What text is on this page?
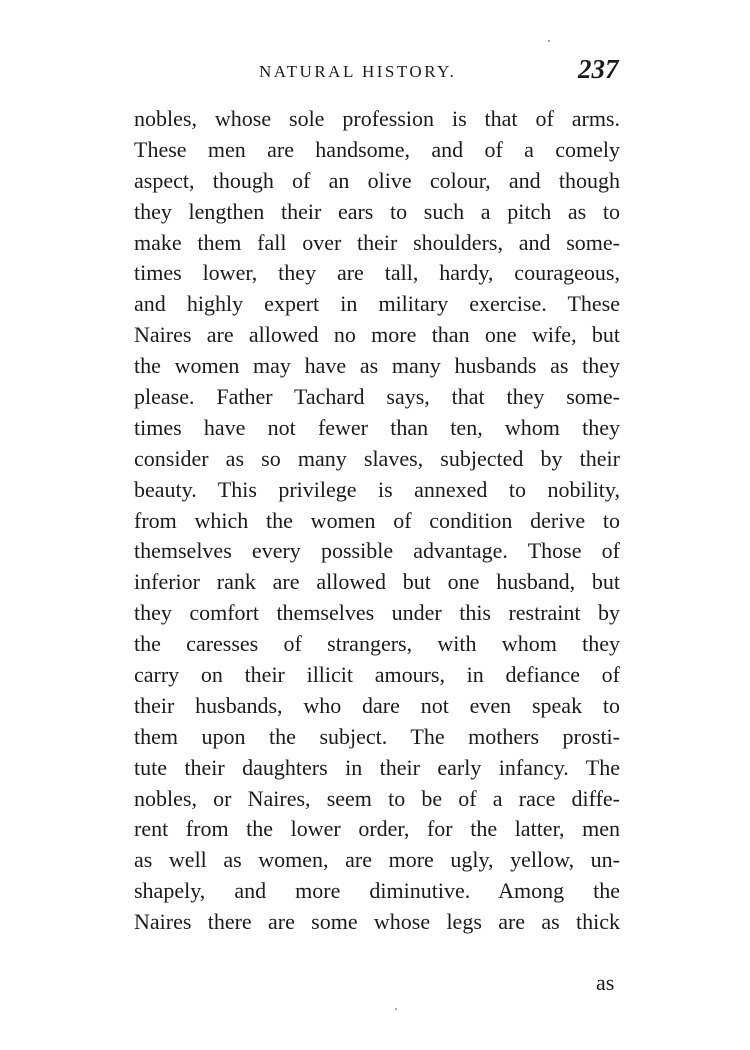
NATURAL HISTORY.	237
nobles, whose sole profession is that of arms.
These men are handsome, and of a comely
aspect, though of an olive colour, and though
they lengthen their ears to such a pitch as to
make them fall over their shoulders, and some-
times lower, they are tall, hardy, courageous,
and highly expert in military exercise. These
Naires are allowed no more than one wife, but
the women may have as many husbands as they
please. Father Tachard says, that they some-
times have not fewer than ten, whom they
consider as so many slaves, subjected by their
beauty. This privilege is annexed to nobility,
from which the women of condition derive to
themselves every possible advantage. Those of
inferior rank are allowed but one husband, but
they comfort themselves under this restraint by
the caresses of strangers, with whom they
carry on their illicit amours, in defiance of
their husbands, who dare not even speak to
them upon the subject. The mothers prosti-
tute their daughters in their early infancy. The
nobles, or Naires, seem to be of a race diffe-
rent from the lower order, for the latter, men
as well as women, are more ugly, yellow, un-
shapely, and more diminutive. Among the
Naires there are some whose legs are as thick
as
